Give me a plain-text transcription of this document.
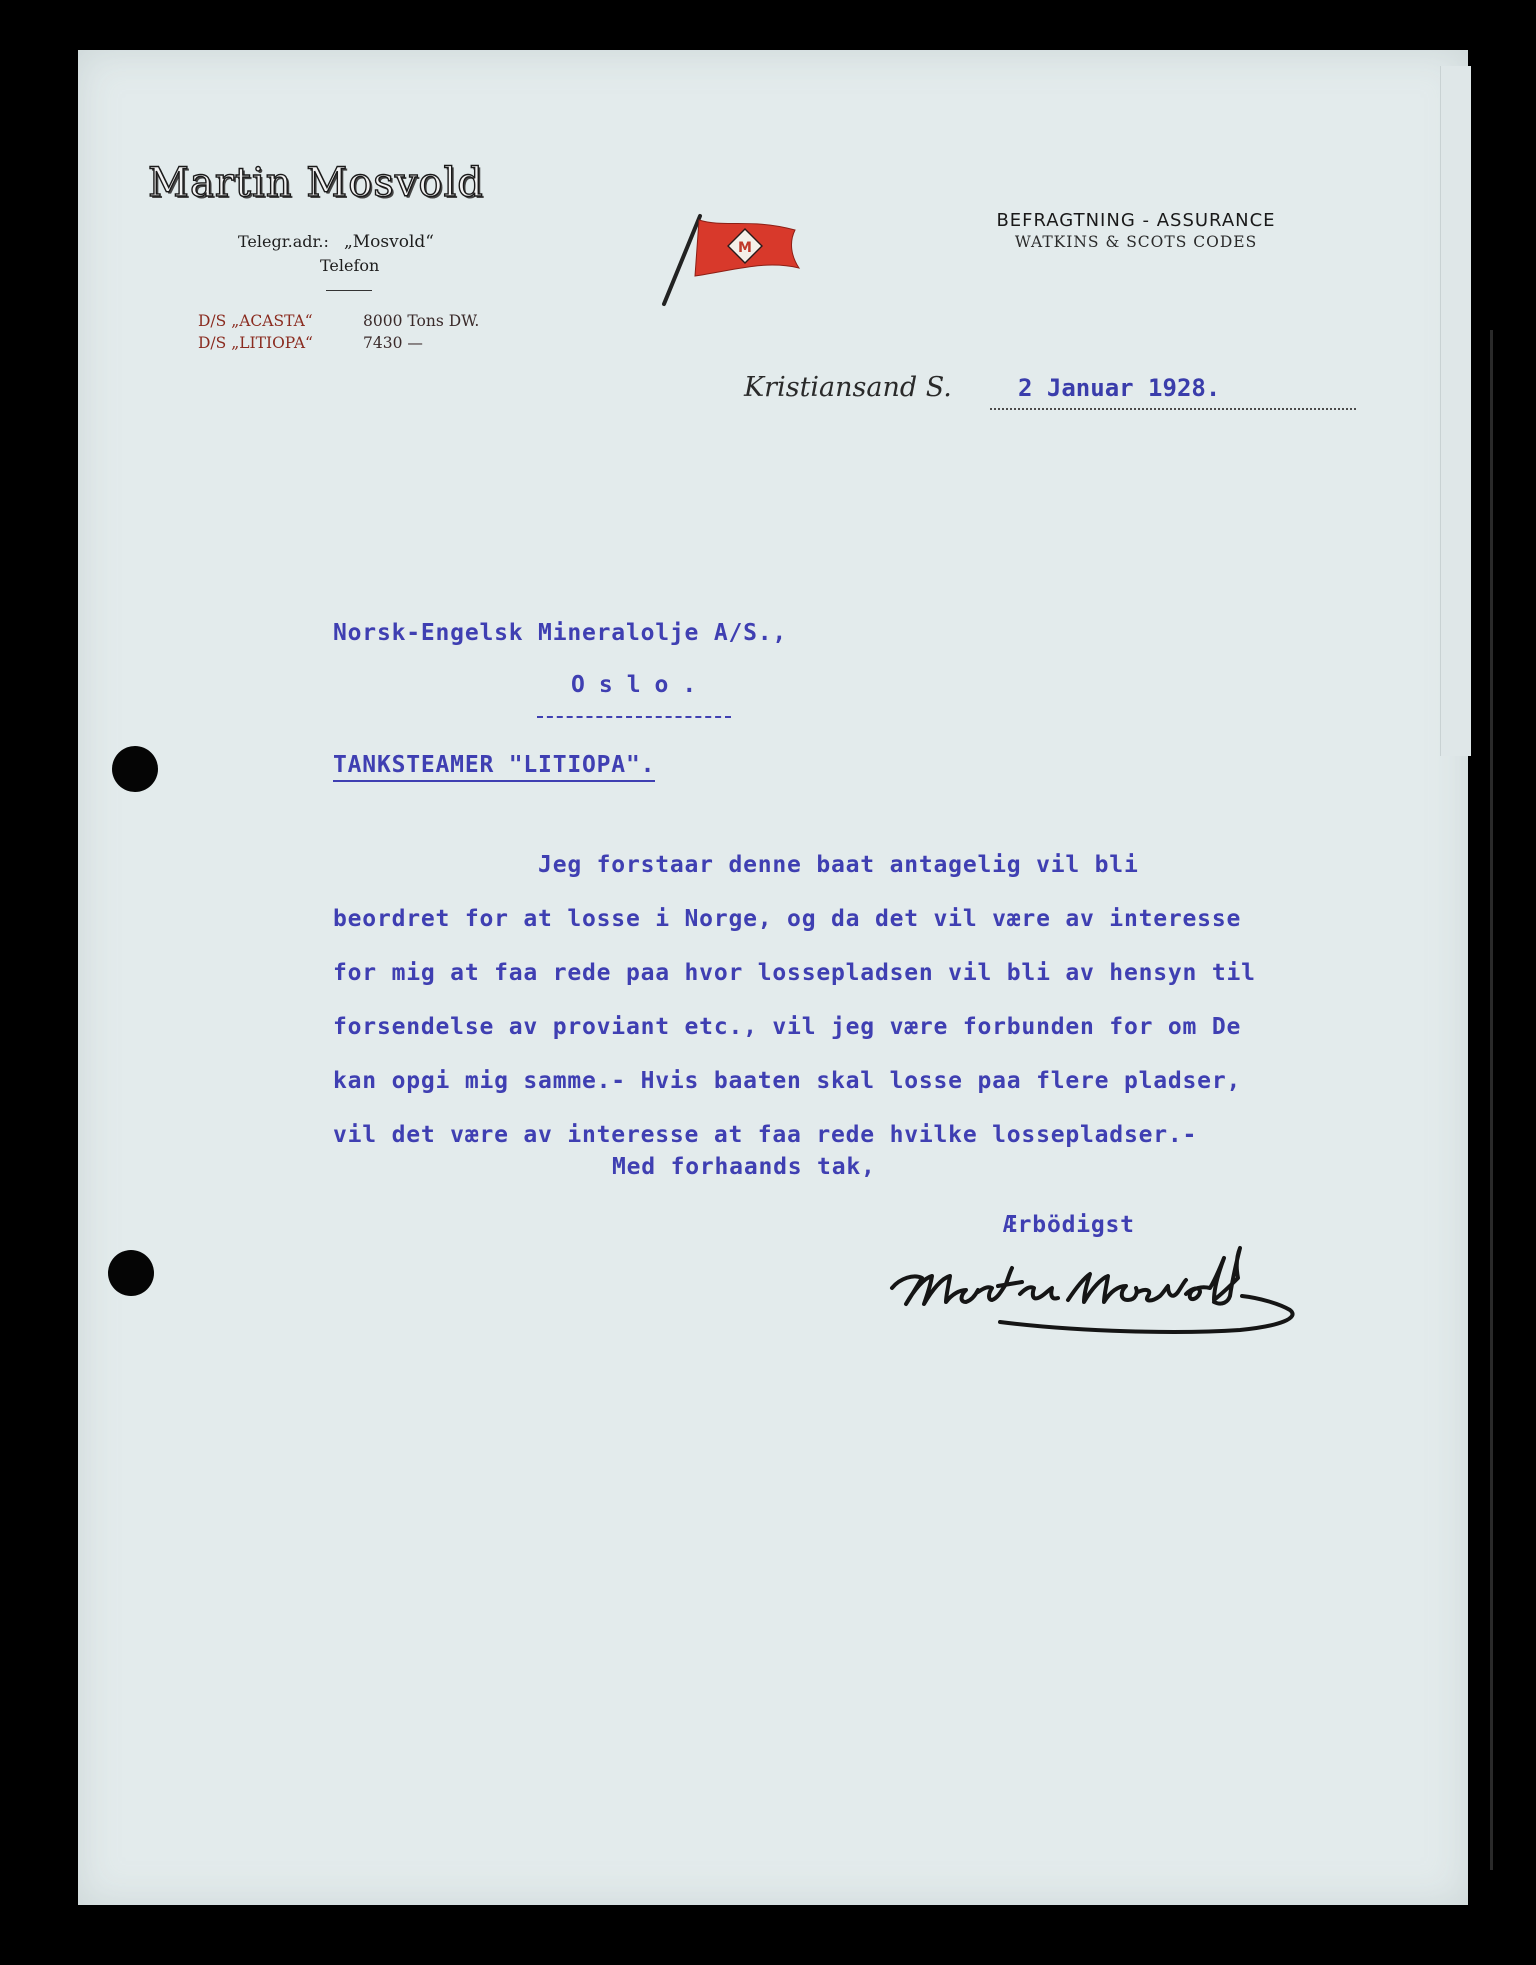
Martin Mosvold
Telegr.adr.: „Mosvold“
Telefon
D/S „ACASTA“	8000 Tons DW.
D/S „LITIOPA“	7430 —
M
BEFRAGTNING - ASSURANCE
WATKINS & SCOTS CODES
Kristiansand S.	2 Januar 1928.
Norsk-Engelsk Mineralolje A/S.,
Oslo.
TANKSTEAMER "LITIOPA".
Jeg forstaar denne baat antagelig vil bli
beordret for at losse i Norge, og da det vil være av interesse
for mig at faa rede paa hvor lossepladsen vil bli av hensyn til
forsendelse av proviant etc., vil jeg være forbunden for om De
kan opgi mig samme.- Hvis baaten skal losse paa flere pladser,
vil det være av interesse at faa rede hvilke lossepladser.-
Med forhaands tak,
Ærbödigst
